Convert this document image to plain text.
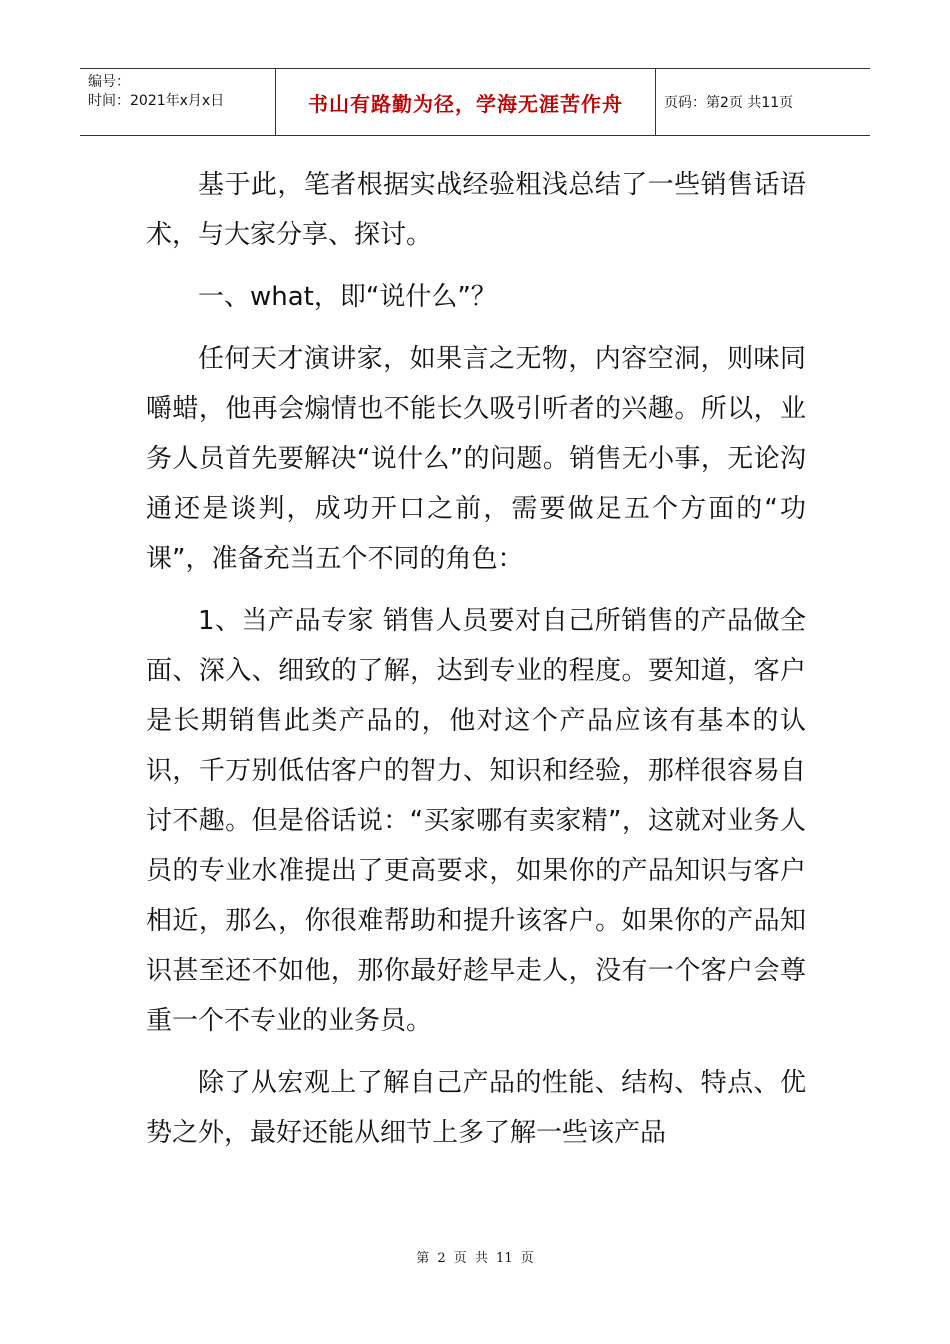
编号：
时间：2021年x月x日	书山有路勤为径，学海无涯苦作舟	页码：第2页 共11页

基于此，笔者根据实战经验粗浅总结了一些销售话语术，与大家分享、探讨。

一、what，即“说什么”？

任何天才演讲家，如果言之无物，内容空洞，则味同嚼蜡，他再会煽情也不能长久吸引听者的兴趣。所以，业务人员首先要解决“说什么”的问题。销售无小事，无论沟通还是谈判，成功开口之前，需要做足五个方面的“功课”，准备充当五个不同的角色：

1、当产品专家 销售人员要对自己所销售的产品做全面、深入、细致的了解，达到专业的程度。要知道，客户是长期销售此类产品的，他对这个产品应该有基本的认识，千万别低估客户的智力、知识和经验，那样很容易自讨不趣。但是俗话说：“买家哪有卖家精”，这就对业务人员的专业水准提出了更高要求，如果你的产品知识与客户相近，那么，你很难帮助和提升该客户。如果你的产品知识甚至还不如他，那你最好趁早走人，没有一个客户会尊重一个不专业的业务员。

除了从宏观上了解自己产品的性能、结构、特点、优势之外，最好还能从细节上多了解一些该产品

第 2 页 共 11 页
